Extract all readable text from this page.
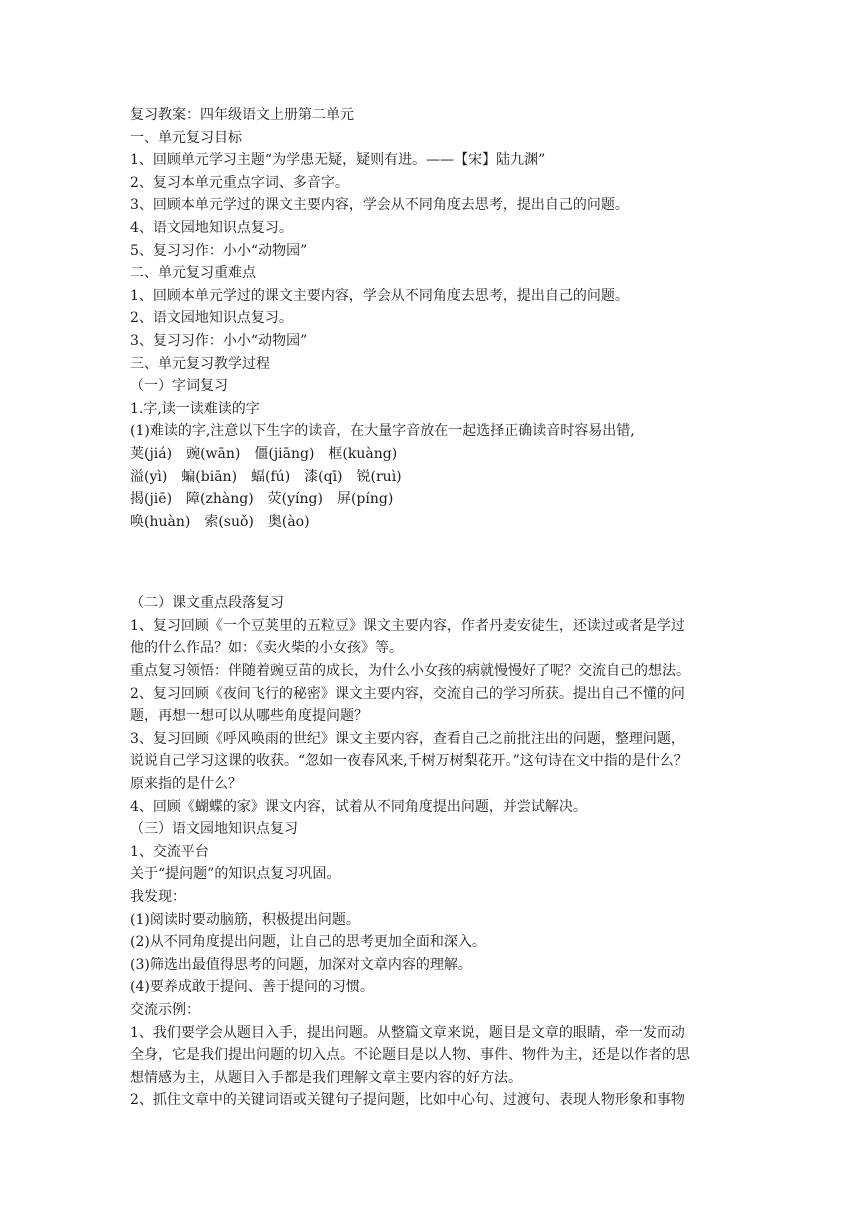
复习教案：四年级语文上册第二单元
一、单元复习目标
1、回顾单元学习主题“为学患无疑，疑则有进。——【宋】陆九渊”
2、复习本单元重点字词、多音字。
3、回顾本单元学过的课文主要内容，学会从不同角度去思考，提出自己的问题。
4、语文园地知识点复习。
5、复习习作：小小“动物园”
二、单元复习重难点
1、回顾本单元学过的课文主要内容，学会从不同角度去思考，提出自己的问题。
2、语文园地知识点复习。
3、复习习作：小小“动物园”
三、单元复习教学过程
（一）字词复习
1.字,读一读难读的字
(1)难读的字,注意以下生字的读音，在大量字音放在一起选择正确读音时容易出错,
荚(jiá)　豌(wān)　僵(jiāng)　框(kuàng)
溢(yì)　蝙(biān)　蝠(fú)　漆(qī)　锐(ruì)
揭(jiē)　障(zhàng)　荧(yíng)　屏(píng)
唤(huàn)　索(suǒ)　奥(ào)
（二）课文重点段落复习
1、复习回顾《一个豆荚里的五粒豆》课文主要内容，作者丹麦安徒生，还读过或者是学过
他的什么作品？如：《卖火柴的小女孩》等。
重点复习领悟：伴随着豌豆苗的成长，为什么小女孩的病就慢慢好了呢？交流自己的想法。
2、复习回顾《夜间飞行的秘密》课文主要内容，交流自己的学习所获。提出自己不懂的问
题，再想一想可以从哪些角度提问题？
3、复习回顾《呼风唤雨的世纪》课文主要内容，查看自己之前批注出的问题，整理问题，
说说自己学习这课的收获。“忽如一夜春风来,千树万树梨花开。”这句诗在文中指的是什么？
原来指的是什么？
4、回顾《蝴蝶的家》课文内容，试着从不同角度提出问题，并尝试解决。
（三）语文园地知识点复习
1、交流平台
关于“提问题”的知识点复习巩固。
我发现：
(1)阅读时要动脑筋，积极提出问题。
(2)从不同角度提出问题，让自己的思考更加全面和深入。
(3)筛选出最值得思考的问题，加深对文章内容的理解。
(4)要养成敢于提问、善于提问的习惯。
交流示例：
1、我们要学会从题目入手，提出问题。从整篇文章来说，题目是文章的眼睛，牵一发而动
全身，它是我们提出问题的切入点。不论题目是以人物、事件、物件为主，还是以作者的思
想情感为主，从题目入手都是我们理解文章主要内容的好方法。
2、抓住文章中的关键词语或关键句子提问题，比如中心句、过渡句、表现人物形象和事物
